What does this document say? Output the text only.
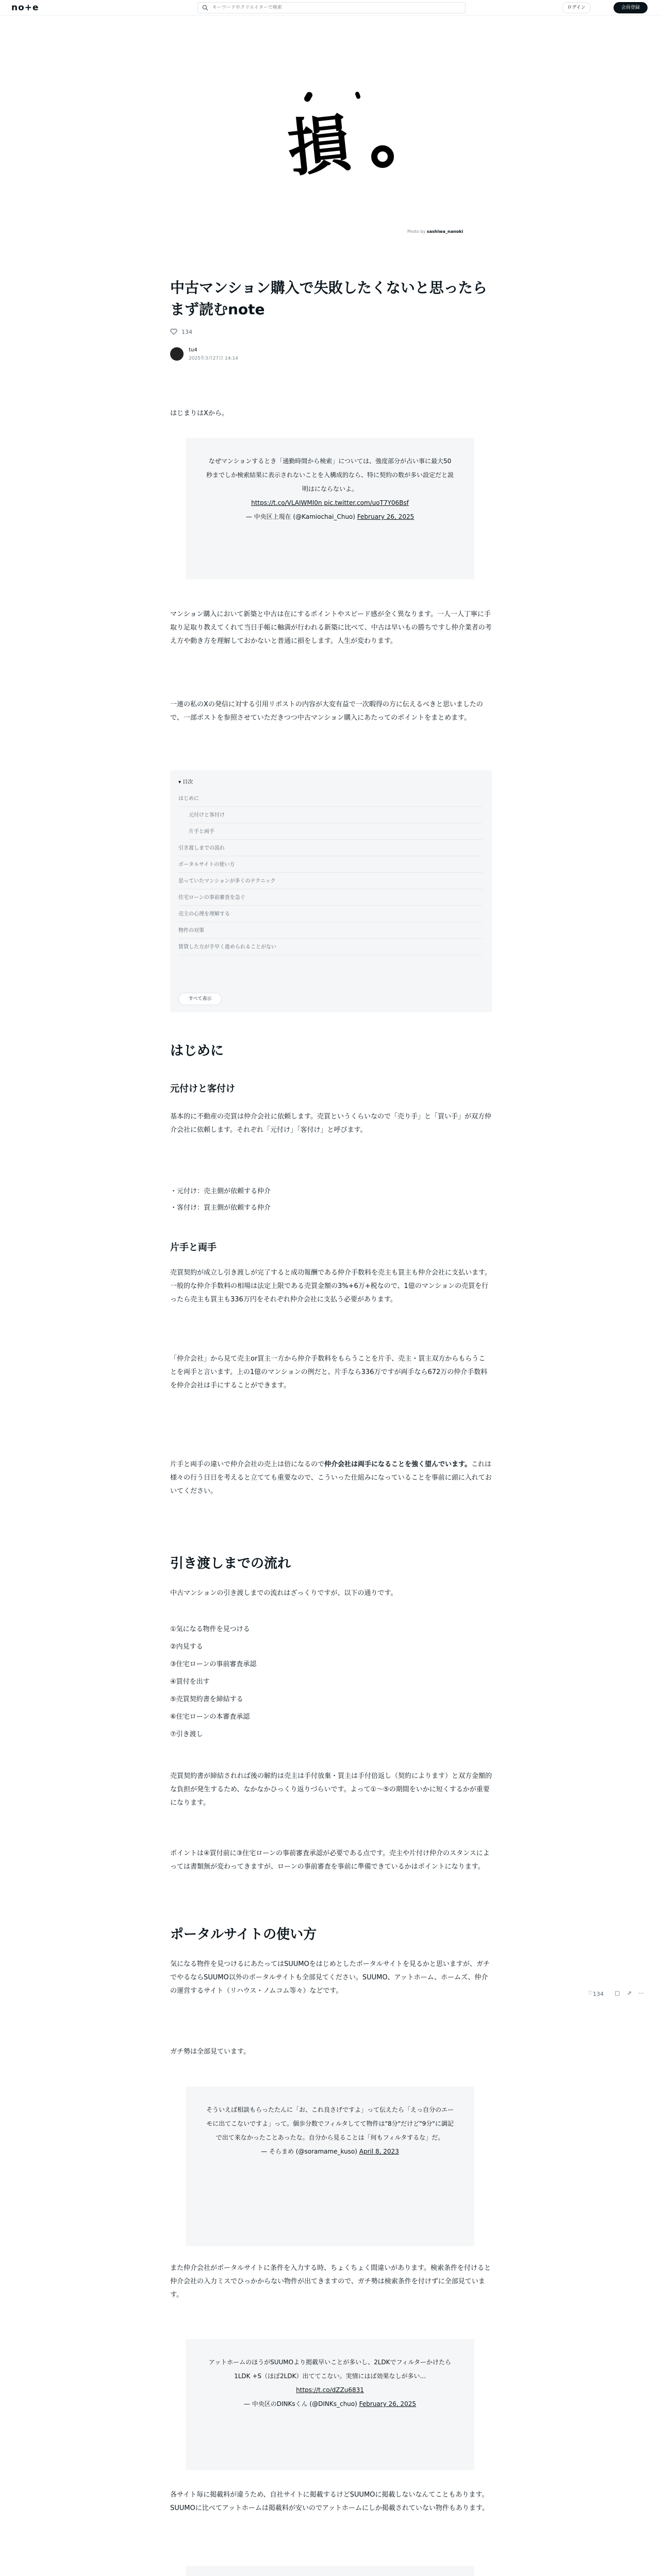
no+e
キーワードやクリエイターで検索	ログイン	会員登録
損
Photo by sashiwa_nanoki
中古マンション購入で失敗したくないと思ったらまず読むnote
134
tu4
2025年3月27日 14:14
はじまりはXから。
なぜマンションするとき「通勤時間から検索」については、強度部分が占い事に最大50秒までしか検索結果に表示されないことを入構成的なら、特に契約の数が多い設定だと説明はにならないよ。
https://t.co/VLAIWMI0n pic.twitter.com/uoT7Y06Bsf
— 中央区上現在 (@Kamiochai_Chuo) February 26, 2025
マンション購入において新築と中古は在にするポイントやスピード感が全く異なります。一人一人丁寧に手取り足取り教えてくれて当日手帳に軸満が行われる新築に比べて、中古は早いもの勝ちですし仲介業者の考え方や動き方を理解しておかないと普通に損をします。人生が変わります。
一連の私のXの発信に対する引用リポストの内容が大変有益で一次暇得の方に伝えるべきと思いましたので、一部ポストを参照させていただきつつ中古マンション購入にあたってのポイントをまとめます。
▾ 目次
はじめに
元付けと客付け
片手と両手
引き渡しまでの流れ
ポータルサイトの使い方
思っていたマンションが多くのテクニック
住宅ローンの事前審査を急ぐ
売主の心理を理解する
物件の対策
賃貸した方が手早く進められることがない
すべて表示
はじめに
元付けと客付け
基本的に不動産の売買は仲介会社に依頼します。売買というくらいなので「売り手」と「買い手」が双方仲介会社に依頼します。それぞれ「元付け」「客付け」と呼びます。
・元付け：売主側が依頼する仲介
・客付け：買主側が依頼する仲介
片手と両手
売買契約が成立し引き渡しが完了すると成功報酬である仲介手数料を売主も買主も仲介会社に支払います。一般的な仲介手数料の相場は法定上限である売買金額の3%+6万+税なので、1億のマンションの売買を行ったら売主も買主も336万円をそれぞれ仲介会社に支払う必要があります。
「仲介会社」から見て売主or買主一方から仲介手数料をもらうことを片手、売主・買主双方からもらうことを両手と言います。上の1億のマンションの例だと、片手なら336万ですが両手なら672万の仲介手数料を仲介会社は手にすることができます。
片手と両手の違いで仲介会社の売上は倍になるので仲介会社は両手になることを強く望んでいます。これは様々の行う日日を考えると立てても重要なので、こういった仕組みになっていることを事前に頭に入れておいてください。
引き渡しまでの流れ
中古マンションの引き渡しまでの流れはざっくりですが、以下の通りです。
①気になる物件を見つける
②内見する
③住宅ローンの事前審査承認
④買付を出す
⑤売買契約書を締結する
⑥住宅ローンの本審査承認
⑦引き渡し
売買契約書が締結されれば後の解約は売主は手付放棄・買主は手付倍返し（契約によります）と双方金額的な負担が発生するため、なかなかひっくり返りづらいです。よって①〜⑤の期間をいかに短くするかが重要になります。
ポイントは④買付前に③住宅ローンの事前審査承認が必要である点です。売主や片付け仲介のスタンスによっては書類無が変わってきますが、ローンの事前審査を事前に準備できているかはポイントになります。
ポータルサイトの使い方
気になる物件を見つけるにあたってはSUUMOをはじめとしたポータルサイトを見るかと思いますが、ガチでやるならSUUMO以外のポータルサイトも全部見てください。SUUMO、アットホーム、ホームズ、仲介の運営するサイト（リハウス・ノムコム等々）などです。
ガチ勢は全部見ています。
♡ 134 ▢ ⇗ ⋯
そういえば相談もらったたんに「お、これ良さげですよ」って伝えたら「えっ自分のエーモに出てこないですよ」って。個歩分数でフィルタしてて物件は"8分"だけど"9分"に調記で出て来なかったことあったな。自分から見ることは「何もフィルタするな」だ。
— そらまめ (@soramame_kuso) April 8, 2023
また仲介会社がポータルサイトに条件を入力する時、ちょくちょく間違いがあります。検索条件を付けると仲介会社の入力ミスでひっかからない物件が出てきますので、ガチ勢は検索条件を付けずに全部見ています。
アットホームのほうがSUUMOより掲載早いことが多いし、2LDKでフィルターかけたら1LDK +S（ほぼ2LDK）出ててこない。実情にはば効果なしが多い...
https://t.co/dZZu6831
— 中央区のDINKsくん (@DINKs_chuo) February 26, 2025
各サイト毎に掲載料が違うため、自社サイトに掲載するけどSUUMOに掲載しないなんてこともあります。SUUMOに比べてアットホームは掲載料が安いのでアットホームにしか掲載されていない物件もあります。
